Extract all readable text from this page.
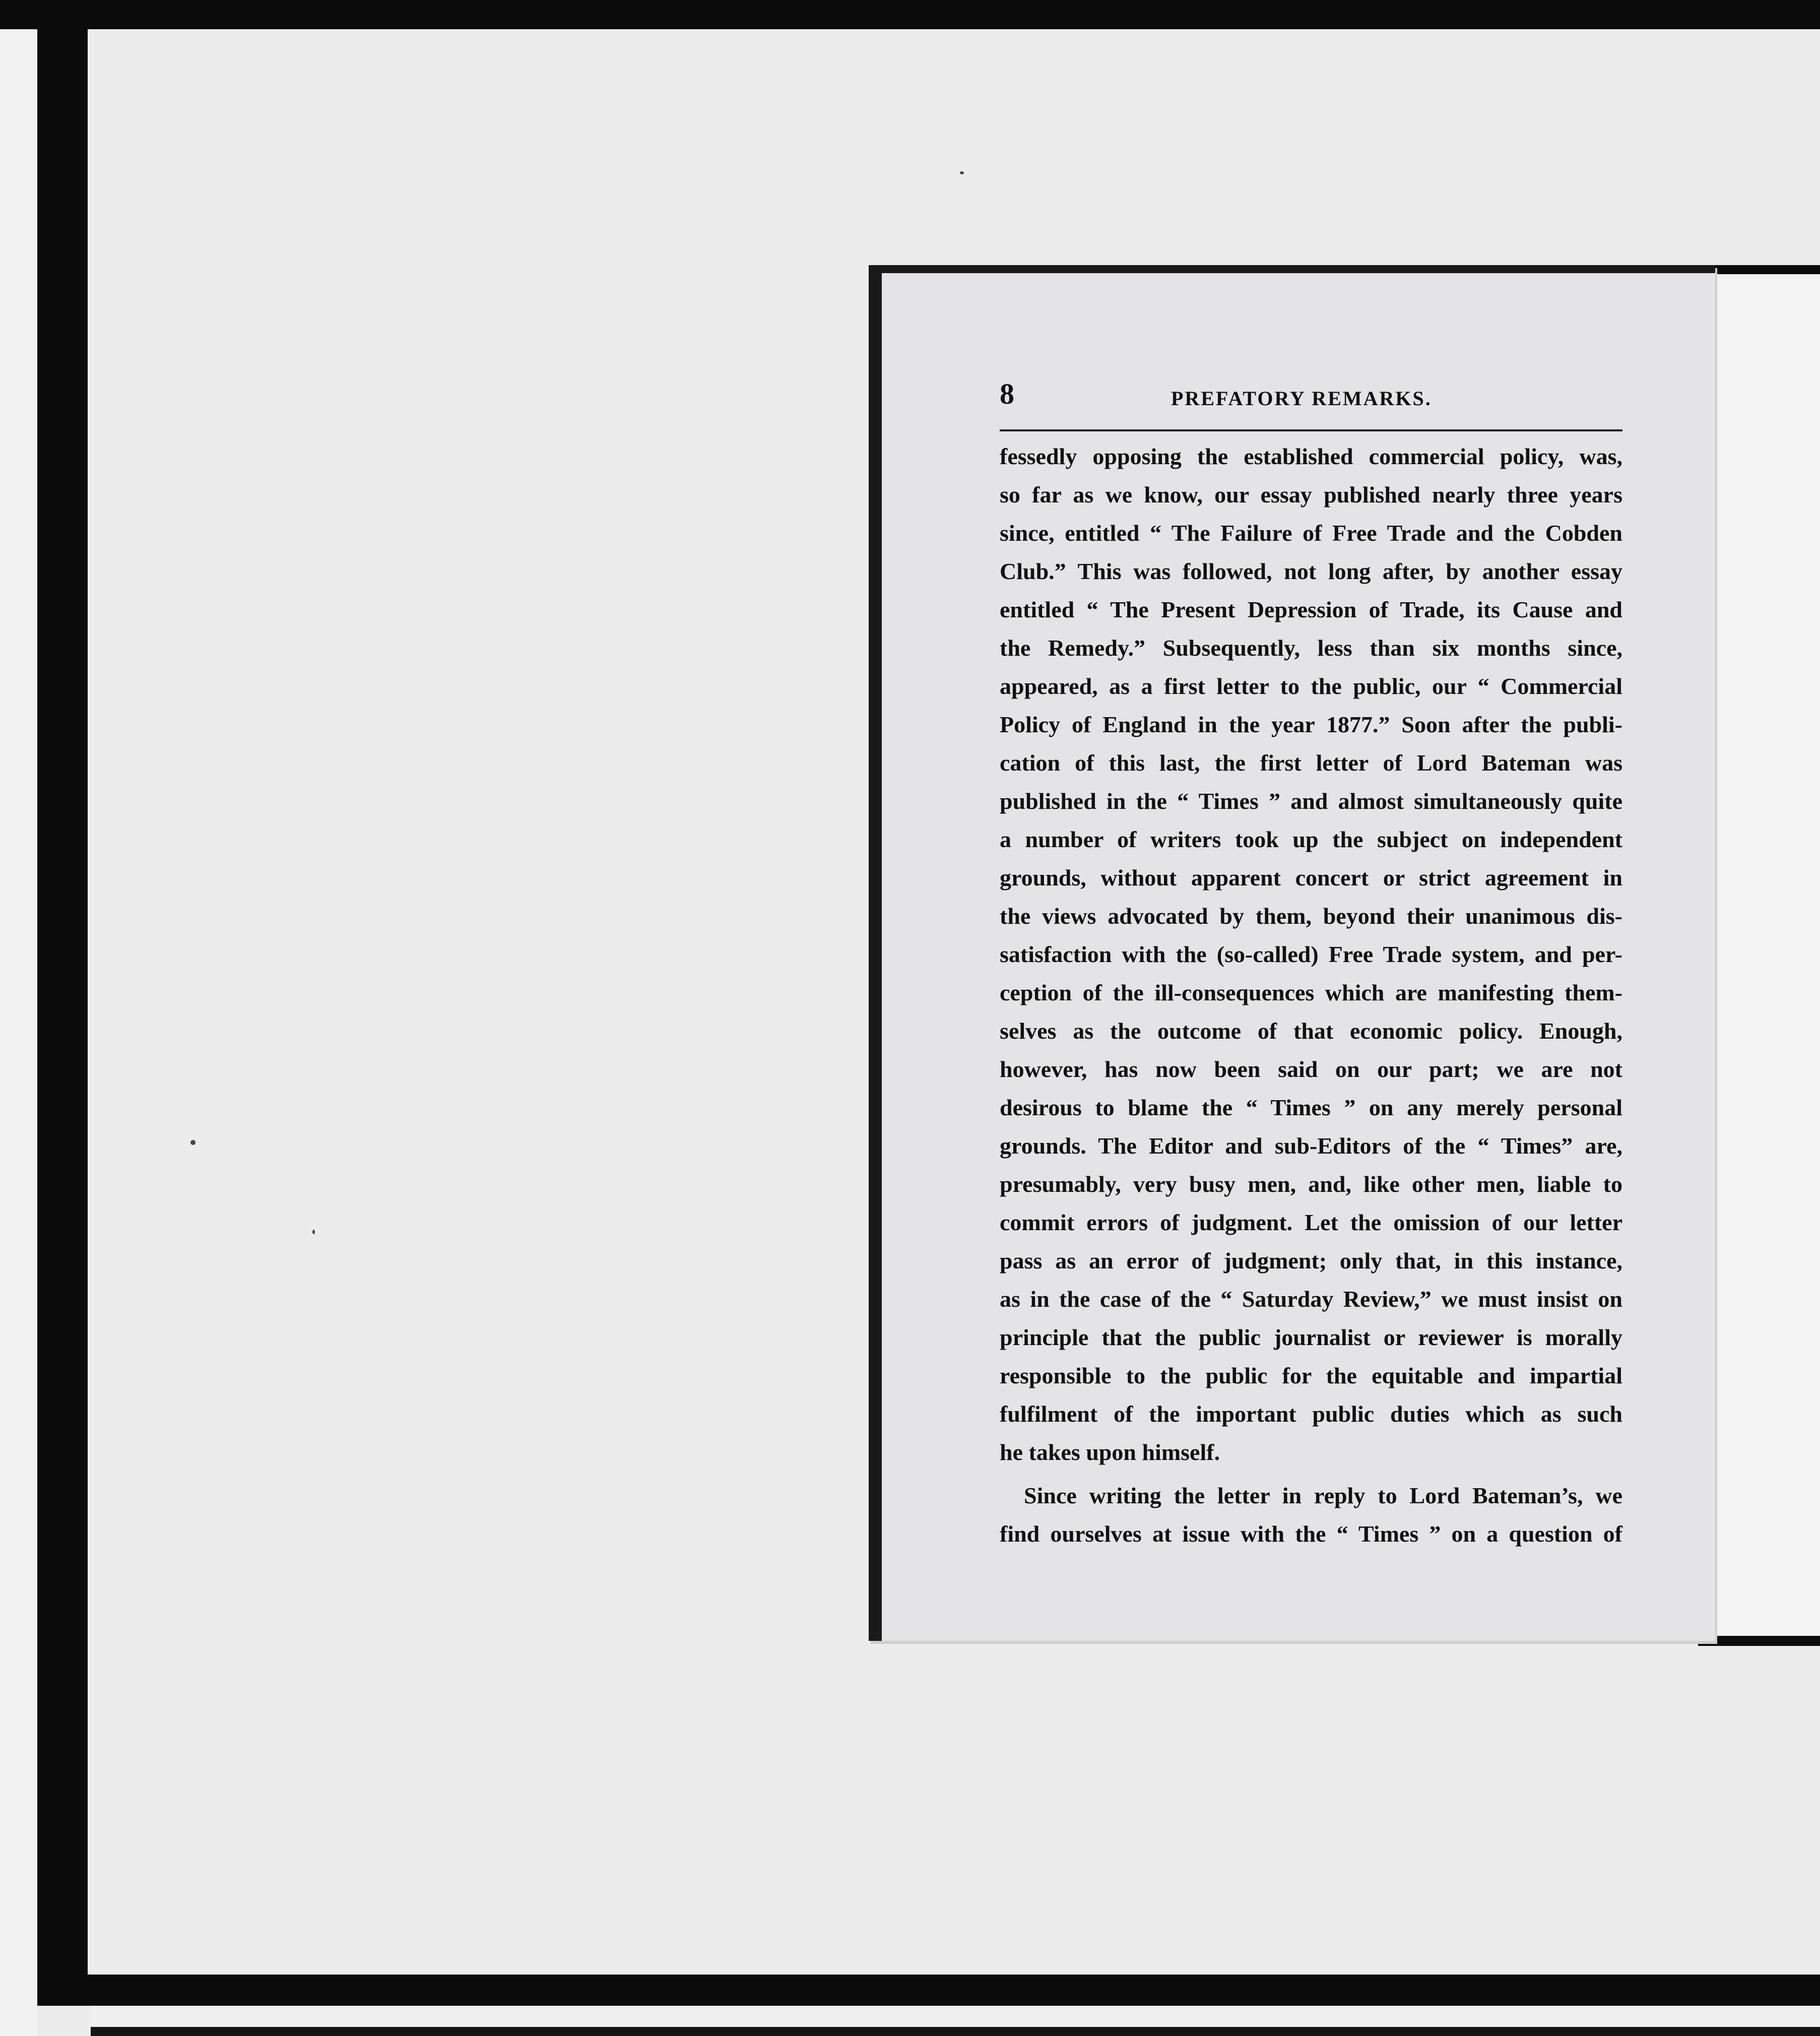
8	PREFATORY REMARKS.
fessedly opposing the established commercial policy, was,
so far as we know, our essay published nearly three years
since, entitled “ The Failure of Free Trade and the Cobden
Club.” This was followed, not long after, by another essay
entitled “ The Present Depression of Trade, its Cause and
the Remedy.” Subsequently, less than six months since,
appeared, as a first letter to the public, our “ Commercial
Policy of England in the year 1877.” Soon after the publi-
cation of this last, the first letter of Lord Bateman was
published in the “ Times ” and almost simultaneously quite
a number of writers took up the subject on independent
grounds, without apparent concert or strict agreement in
the views advocated by them, beyond their unanimous dis-
satisfaction with the (so-called) Free Trade system, and per-
ception of the ill-consequences which are manifesting them-
selves as the outcome of that economic policy. Enough,
however, has now been said on our part; we are not
desirous to blame the “ Times ” on any merely personal
grounds. The Editor and sub-Editors of the “ Times” are,
presumably, very busy men, and, like other men, liable to
commit errors of judgment. Let the omission of our letter
pass as an error of judgment; only that, in this instance,
as in the case of the “ Saturday Review,” we must insist on
principle that the public journalist or reviewer is morally
responsible to the public for the equitable and impartial
fulfilment of the important public duties which as such
he takes upon himself.
Since writing the letter in reply to Lord Bateman’s, we
find ourselves at issue with the “ Times ” on a question of
